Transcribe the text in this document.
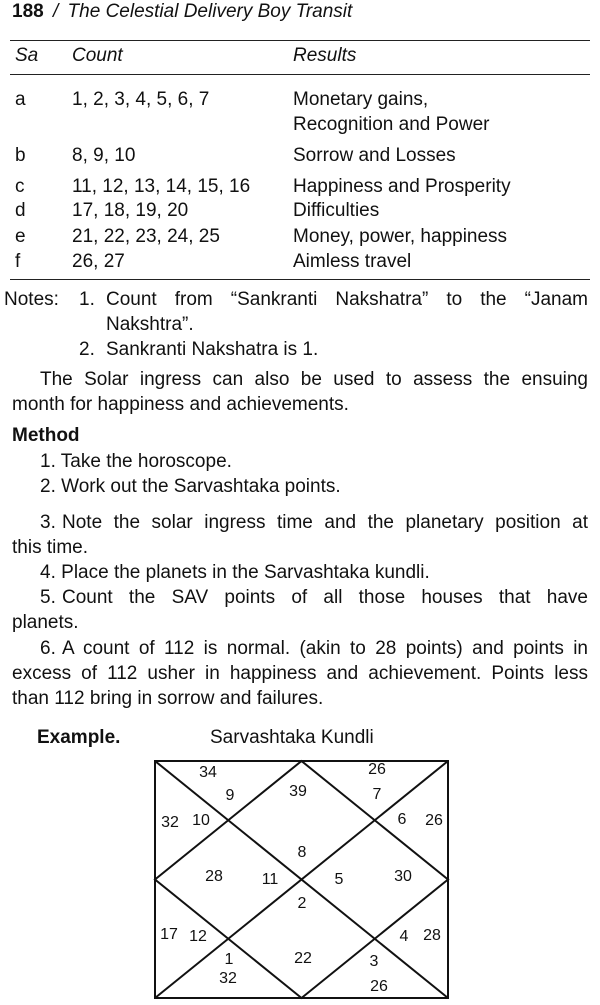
188 / The Celestial Delivery Boy Transit
Sa Count	Results
a 1, 2, 3, 4, 5, 6, 7	Monetary gains,
Recognition and Power
b 8, 9, 10	Sorrow and Losses
c	11, 12, 13, 14, 15, 16 Happiness and Prosperity
d 17, 18, 19, 20	Difficulties
e 21, 22, 23, 24, 25	Money, power, happiness
f	26, 27	Aimless travel
Notes: 1. Count from “Sankranti Nakshatra” to the “Janam
Nakshtra”.
2. Sankranti Nakshatra is 1.
The Solar ingress can also be used to assess the ensuing
month for happiness and achievements.
Method
1. Take the horoscope.
2. Work out the Sarvashtaka points.
3. Note the solar ingress time and the planetary position at
this time.
4. Place the planets in the Sarvashtaka kundli.
5. Count the SAV points of all those houses that have
planets.
6. A count of 112 is normal. (akin to 28 points) and points in
excess of 112 usher in happiness and achievement. Points less
than 112 bring in sorrow and failures.
Example.	Sarvashtaka Kundli
34
9	39
26
7
32 10	6 26
8
28 11	5	30
2
17 12	4 28
1	22	3
32	26
